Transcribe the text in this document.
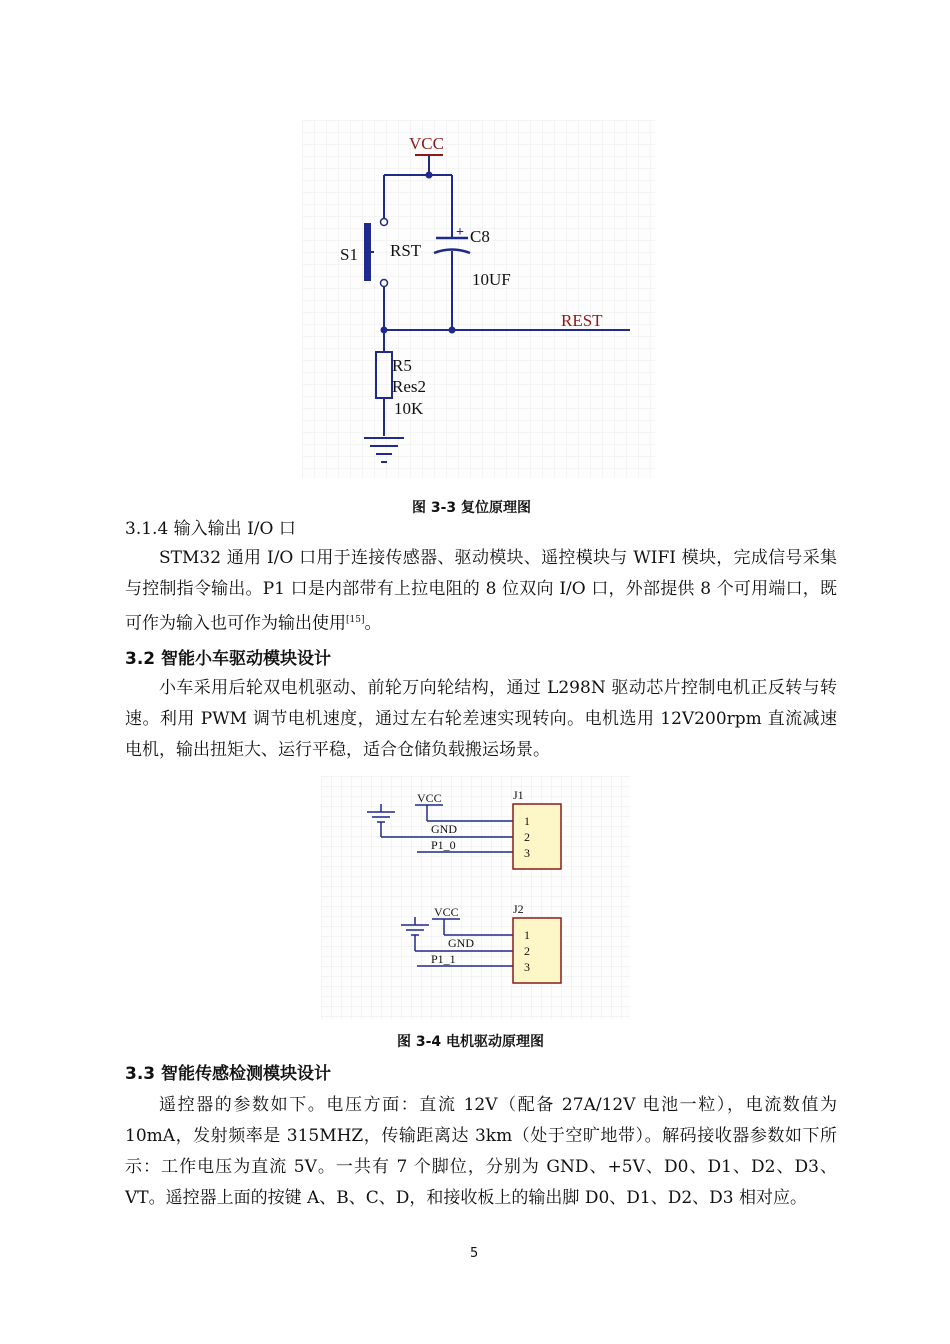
VCC
S1 RST
+ C8
10UF
REST
R5
Res2
10K
图 3-3 复位原理图
3.1.4 输入输出 I/O 口
STM32 通用 I/O 口用于连接传感器、驱动模块、遥控模块与 WIFI 模块，完成信号采集与控制指令输出。P1 口是内部带有上拉电阻的 8 位双向 I/O 口，外部提供 8 个可用端口，既可作为输入也可作为输出使用[15]。
3.2 智能小车驱动模块设计
小车采用后轮双电机驱动、前轮万向轮结构，通过 L298N 驱动芯片控制电机正反转与转速。利用 PWM 调节电机速度，通过左右轮差速实现转向。电机选用 12V200rpm 直流减速电机，输出扭矩大、运行平稳，适合仓储负载搬运场景。
VCC
GND
P1_0
J1
1
2
3
VCC
GND
P1_1
J2
1
2
3
图 3-4 电机驱动原理图
3.3 智能传感检测模块设计
遥控器的参数如下。电压方面：直流 12V（配备 27A/12V 电池一粒），电流数值为 10mA，发射频率是 315MHZ，传输距离达 3km（处于空旷地带）。解码接收器参数如下所示：工作电压为直流 5V。一共有 7 个脚位，分别为 GND、+5V、D0、D1、D2、D3、VT。遥控器上面的按键 A、B、C、D，和接收板上的输出脚 D0、D1、D2、D3 相对应。
5
